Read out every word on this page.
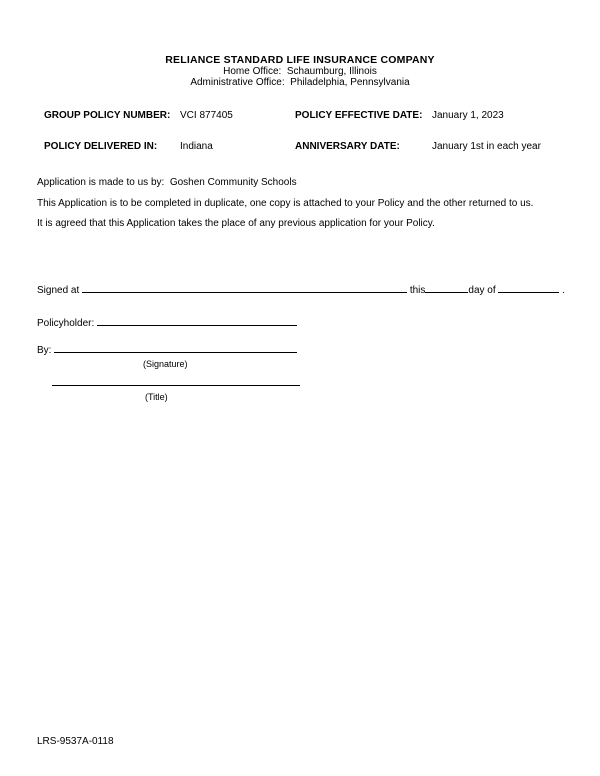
RELIANCE STANDARD LIFE INSURANCE COMPANY
Home Office:  Schaumburg, Illinois
Administrative Office:  Philadelphia, Pennsylvania
GROUP POLICY NUMBER: VCI 877405	POLICY EFFECTIVE DATE: January 1, 2023
POLICY DELIVERED IN:	Indiana	ANNIVERSARY DATE:	January 1st in each year

Application is made to us by:  Goshen Community Schools

This Application is to be completed in duplicate, one copy is attached to your Policy and the other returned to us.

It is agreed that this Application takes the place of any previous application for your Policy.

Signed at	this	day of	.
Policyholder:
By:
(Signature)
(Title)
LRS-9537A-0118
